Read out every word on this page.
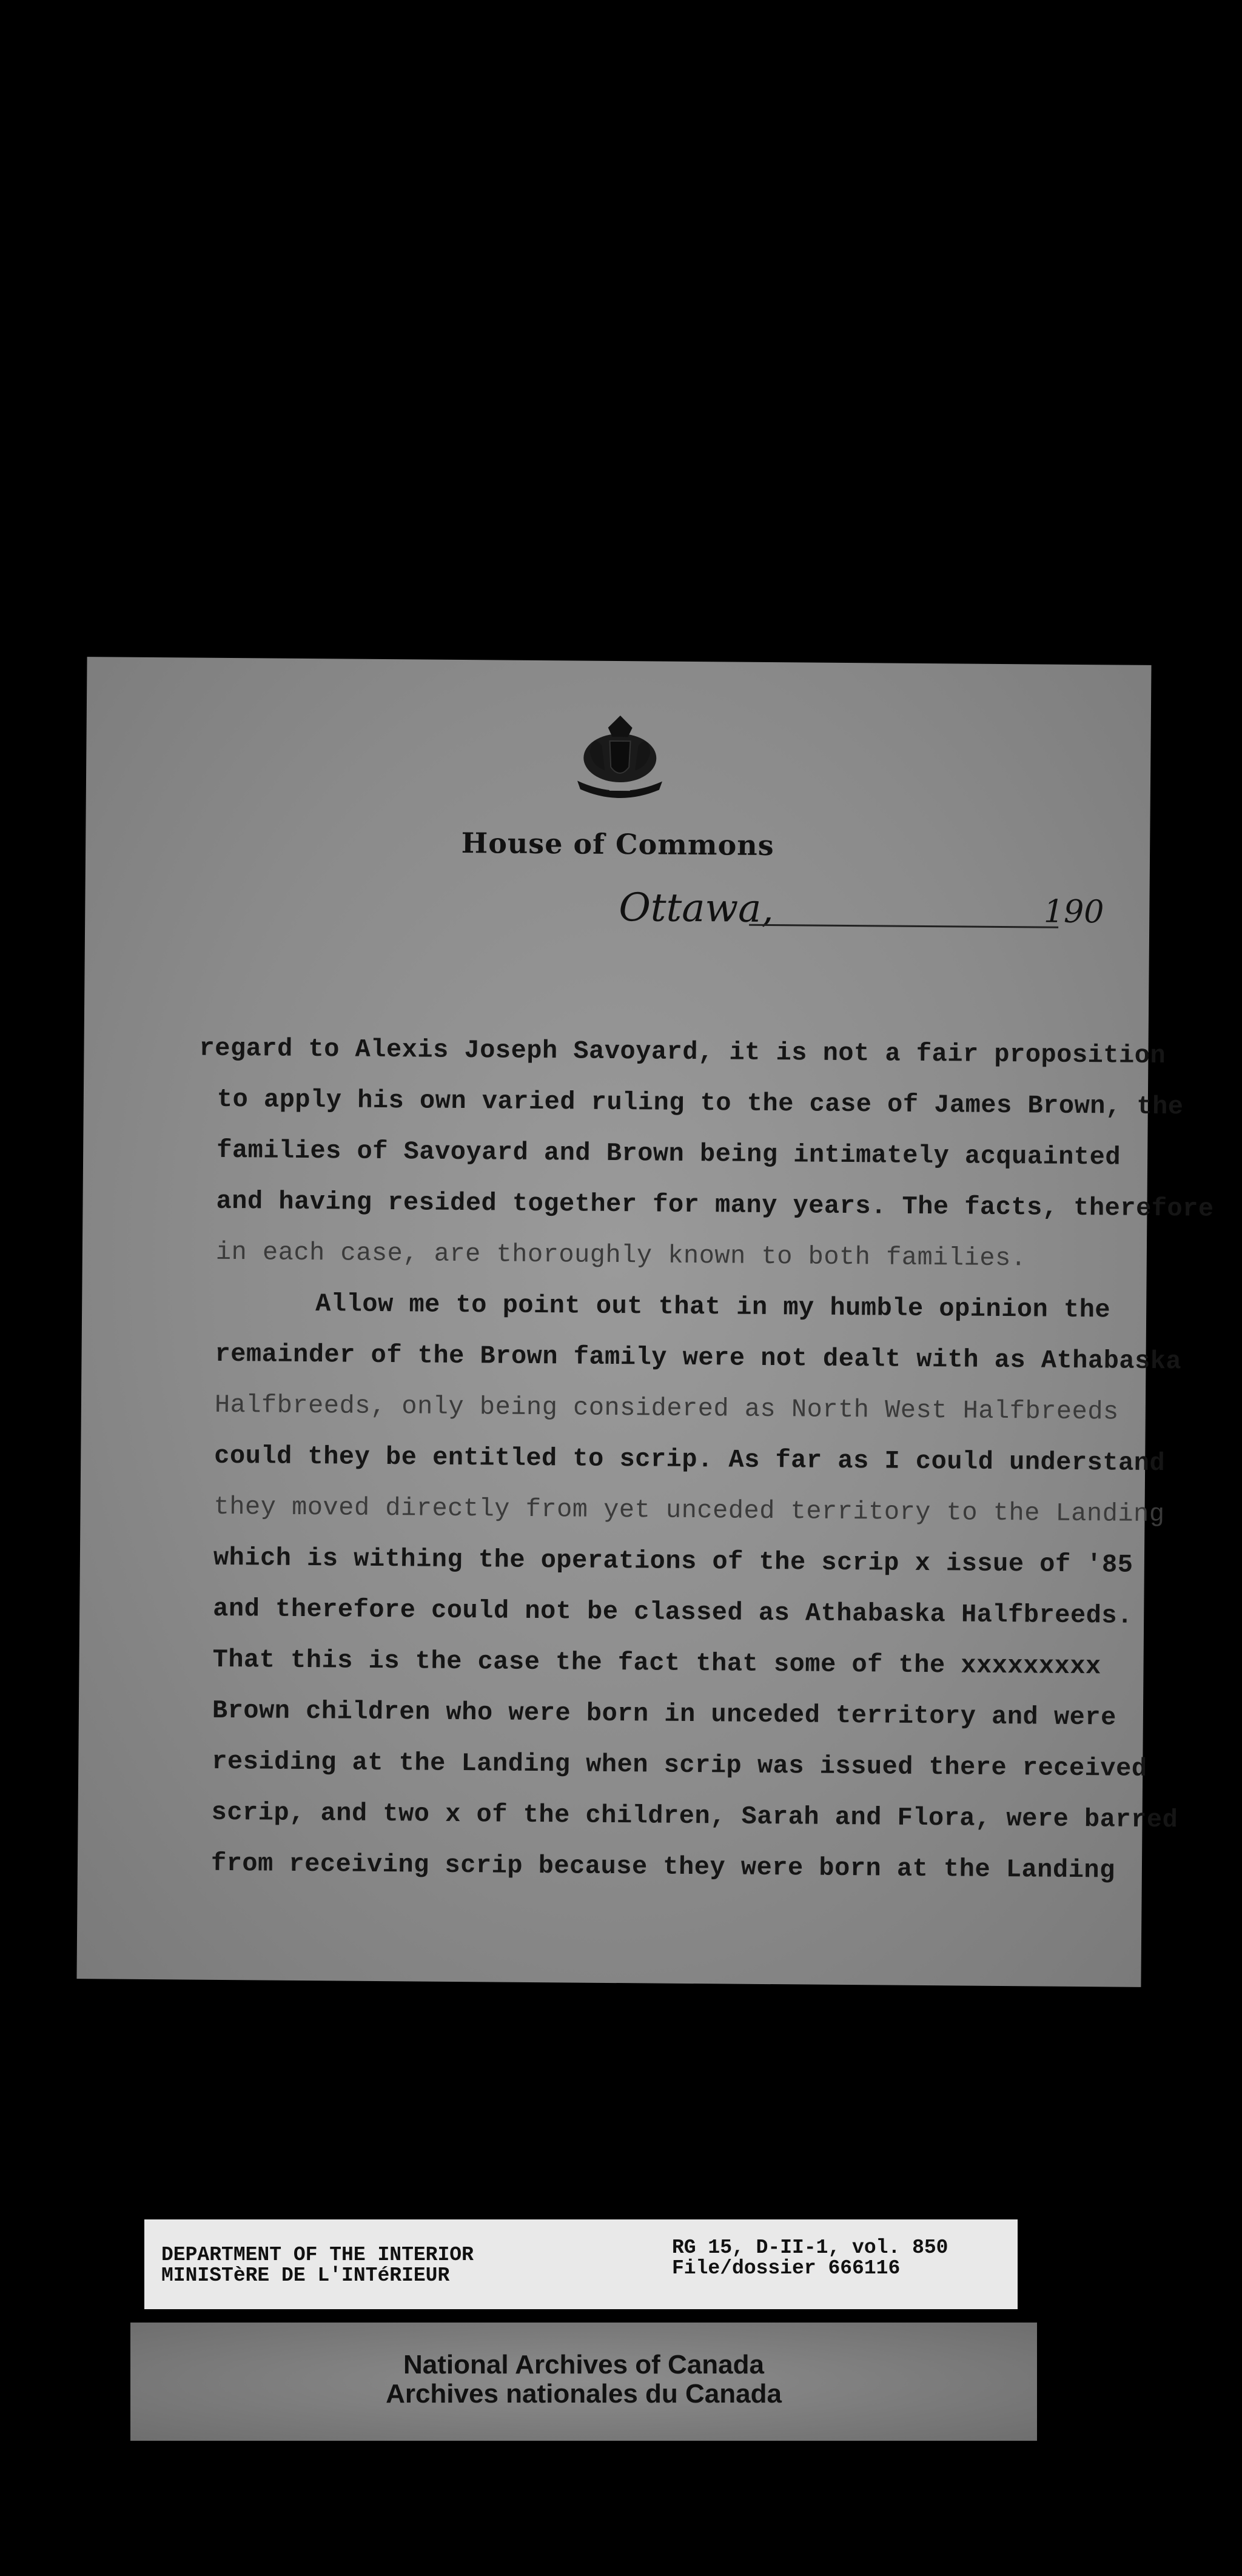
House of Commons
Ottawa,	190
regard to Alexis Joseph Savoyard, it is not a fair proposition
to apply his own varied ruling to the case of James Brown, the
families of Savoyard and Brown being intimately acquainted
and having resided together for many years. The facts, therefore
in each case, are thoroughly known to both families.
Allow me to point out that in my humble opinion the
remainder of the Brown family were not dealt with as Athabaska
Halfbreeds, only being considered as North West Halfbreeds
could they be entitled to scrip. As far as I could understand
they moved directly from yet unceded territory to the Landing
which is withing the operations of the scrip x issue of '85
and therefore could not be classed as Athabaska Halfbreeds.
That this is the case the fact that some of the xxxxxxxxx
Brown children who were born in unceded territory and were
residing at the Landing when scrip was issued there received
scrip, and two x of the children, Sarah and Flora, were barred
from receiving scrip because they were born at the Landing
DEPARTMENT OF THE INTERIOR
MINISTèRE DE L'INTéRIEUR
RG 15, D-II-1, vol. 850
File/dossier 666116
National Archives of Canada
Archives nationales du Canada
